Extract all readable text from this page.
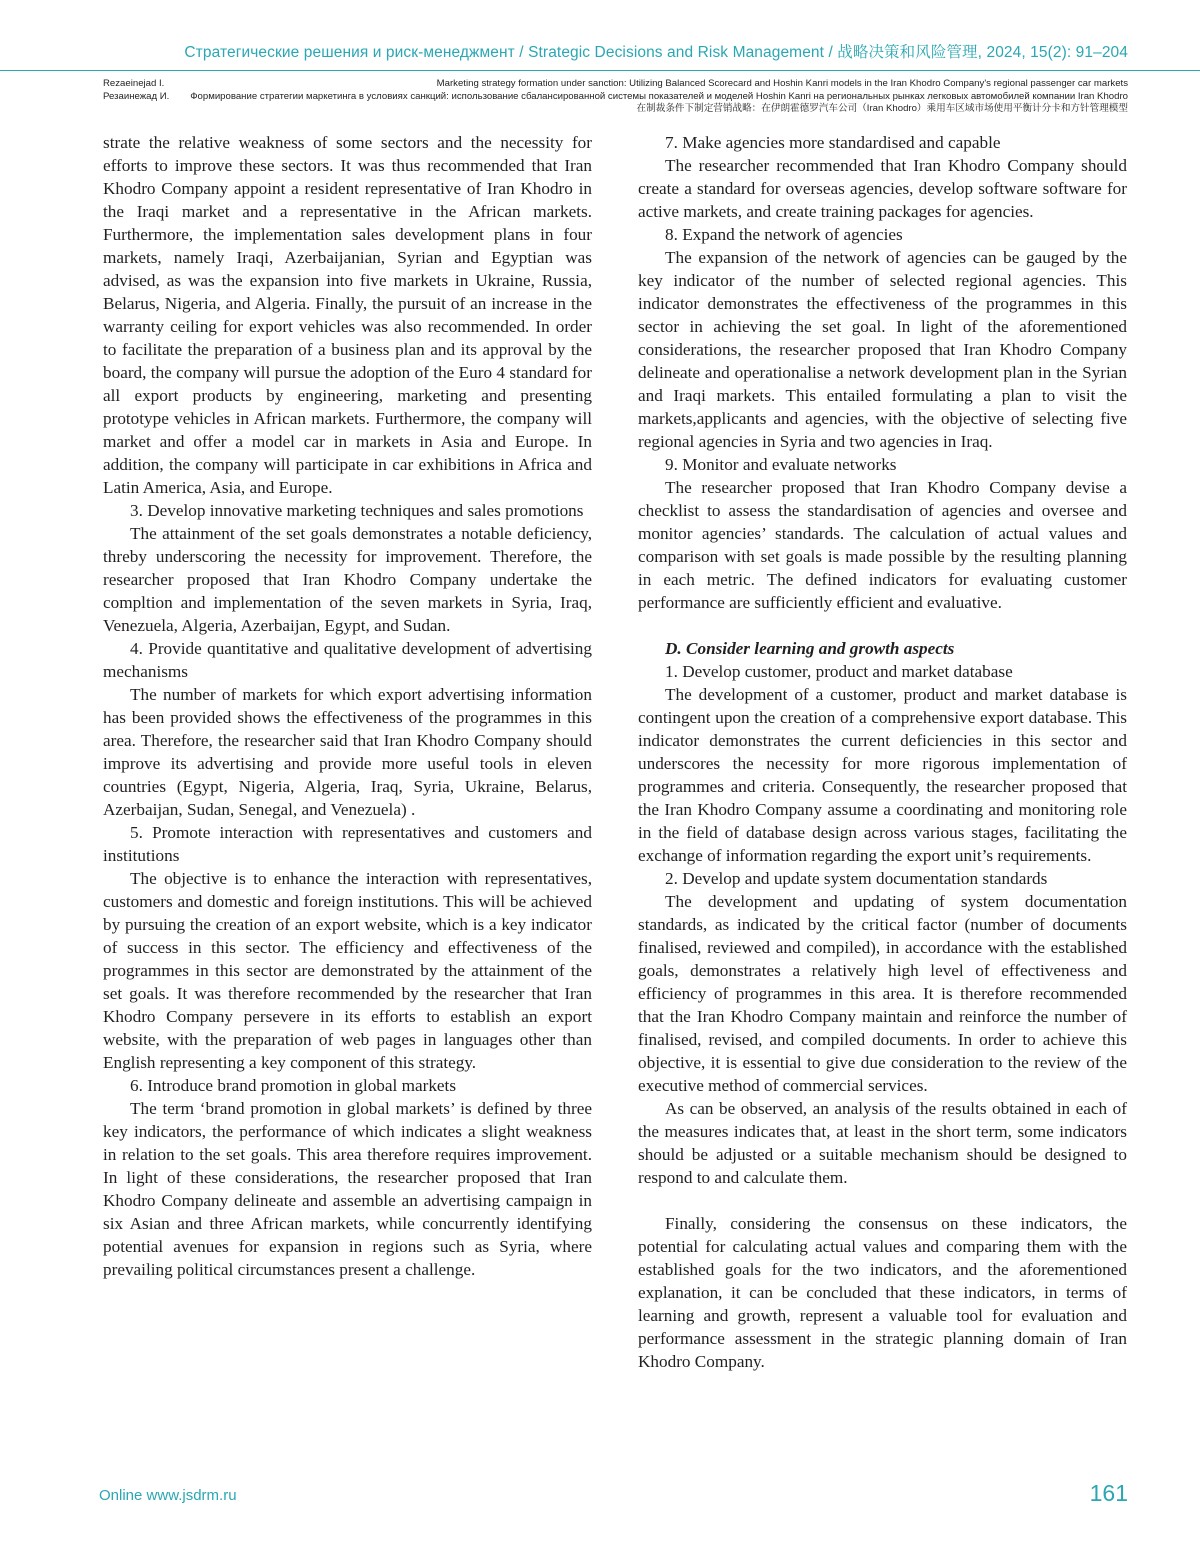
Стратегические решения и риск-менеджмент / Strategic Decisions and Risk Management / 战略决策和风险管理, 2024, 15(2): 91–204
Rezaeinejad I.	Marketing strategy formation under sanction: Utilizing Balanced Scorecard and Hoshin Kanri models in the Iran Khodro Company's regional passenger car markets
Резаинежад И. Формирование стратегии маркетинга в условиях санкций: использование сбалансированной системы показателей и моделей Hoshin Kanri на региональных рынках легковых автомобилей компании Iran Khodro
在制裁条件下制定营销战略：在伊朗霍德罗汽车公司（Iran Khodro）乘用车区域市场使用平衡计分卡和方针管理模型

strate the relative weakness of some sectors and the necessity for efforts to improve these sectors. It was thus recommended that Iran Khodro Company appoint a resident representative of Iran Khodro in the Iraqi market and a representative in the African markets. Furthermore, the implementation sales development plans in four markets, namely Iraqi, Azerbaijanian, Syrian and Egyptian was advised, as was the expansion into five markets in Ukraine, Russia, Belarus, Nigeria, and Algeria. Finally, the pursuit of an increase in the warranty ceiling for export vehicles was also recommended. In order to facilitate the preparation of a business plan and its approval by the board, the company will pursue the adoption of the Euro 4 standard for all export products by engineering, marketing and presenting prototype vehicles in African markets. Furthermore, the company will market and offer a model car in markets in Asia and Europe. In addition, the company will participate in car exhibitions in Africa and Latin America, Asia, and Europe.

3. Develop innovative marketing techniques and sales promotions

The attainment of the set goals demonstrates a notable deficiency, threby underscoring the necessity for improvement. Therefore, the researcher proposed that Iran Khodro Company undertake the compltion and implementation of the seven markets in Syria, Iraq, Venezuela, Algeria, Azerbaijan, Egypt, and Sudan.

4. Provide quantitative and qualitative development of advertising mechanisms

The number of markets for which export advertising information has been provided shows the effectiveness of the programmes in this area. Therefore, the researcher said that Iran Khodro Company should improve its advertising and provide more useful tools in eleven countries (Egypt, Nigeria, Algeria, Iraq, Syria, Ukraine, Belarus, Azerbaijan, Sudan, Senegal, and Venezuela) .

5. Promote interaction with representatives and customers and institutions

The objective is to enhance the interaction with representatives, customers and domestic and foreign institutions. This will be achieved by pursuing the creation of an export website, which is a key indicator of success in this sector. The efficiency and effectiveness of the programmes in this sector are demonstrated by the attainment of the set goals. It was therefore recommended by the researcher that Iran Khodro Company persevere in its efforts to establish an export website, with the preparation of web pages in languages other than English representing a key component of this strategy.

6. Introduce brand promotion in global markets

The term ‘brand promotion in global markets’ is defined by three key indicators, the performance of which indicates a slight weakness in relation to the set goals. This area therefore requires improvement. In light of these considerations, the researcher proposed that Iran Khodro Company delineate and assemble an advertising campaign in six Asian and three African markets, while concurrently identifying potential avenues for expansion in regions such as Syria, where prevailing political circumstances present a challenge.

7. Make agencies more standardised and capable

The researcher recommended that Iran Khodro Company should create a standard for overseas agencies, develop software software for active markets, and create training packages for agencies.

8. Expand the network of agencies

The expansion of the network of agencies can be gauged by the key indicator of the number of selected regional agencies. This indicator demonstrates the effectiveness of the programmes in this sector in achieving the set goal. In light of the aforementioned considerations, the researcher proposed that Iran Khodro Company delineate and operationalise a network development plan in the Syrian and Iraqi markets. This entailed formulating a plan to visit the markets,applicants and agencies, with the objective of selecting five regional agencies in Syria and two agencies in Iraq.

9. Monitor and evaluate networks

The researcher proposed that Iran Khodro Company devise a checklist to assess the standardisation of agencies and oversee and monitor agencies’ standards. The calculation of actual values and comparison with set goals is made possible by the resulting planning in each metric. The defined indicators for evaluating customer performance are sufficiently efficient and evaluative.

D. Consider learning and growth aspects

1. Develop customer, product and market database

The development of a customer, product and market database is contingent upon the creation of a comprehensive export database. This indicator demonstrates the current deficiencies in this sector and underscores the necessity for more rigorous implementation of programmes and criteria. Consequently, the researcher proposed that the Iran Khodro Company assume a coordinating and monitoring role in the field of database design across various stages, facilitating the exchange of information regarding the export unit’s requirements.

2. Develop and update system documentation standards

The development and updating of system documentation standards, as indicated by the critical factor (number of documents finalised, reviewed and compiled), in accordance with the established goals, demonstrates a relatively high level of effectiveness and efficiency of programmes in this area. It is therefore recommended that the Iran Khodro Company maintain and reinforce the number of finalised, revised, and compiled documents. In order to achieve this objective, it is essential to give due consideration to the review of the executive method of commercial services.

As can be observed, an analysis of the results obtained in each of the measures indicates that, at least in the short term, some indicators should be adjusted or a suitable mechanism should be designed to respond to and calculate them.

Finally, considering the consensus on these indicators, the potential for calculating actual values and comparing them with the established goals for the two indicators, and the aforementioned explanation, it can be concluded that these indicators, in terms of learning and growth, represent a valuable tool for evaluation and performance assessment in the strategic planning domain of Iran Khodro Company.

Online www.jsdrm.ru	161
